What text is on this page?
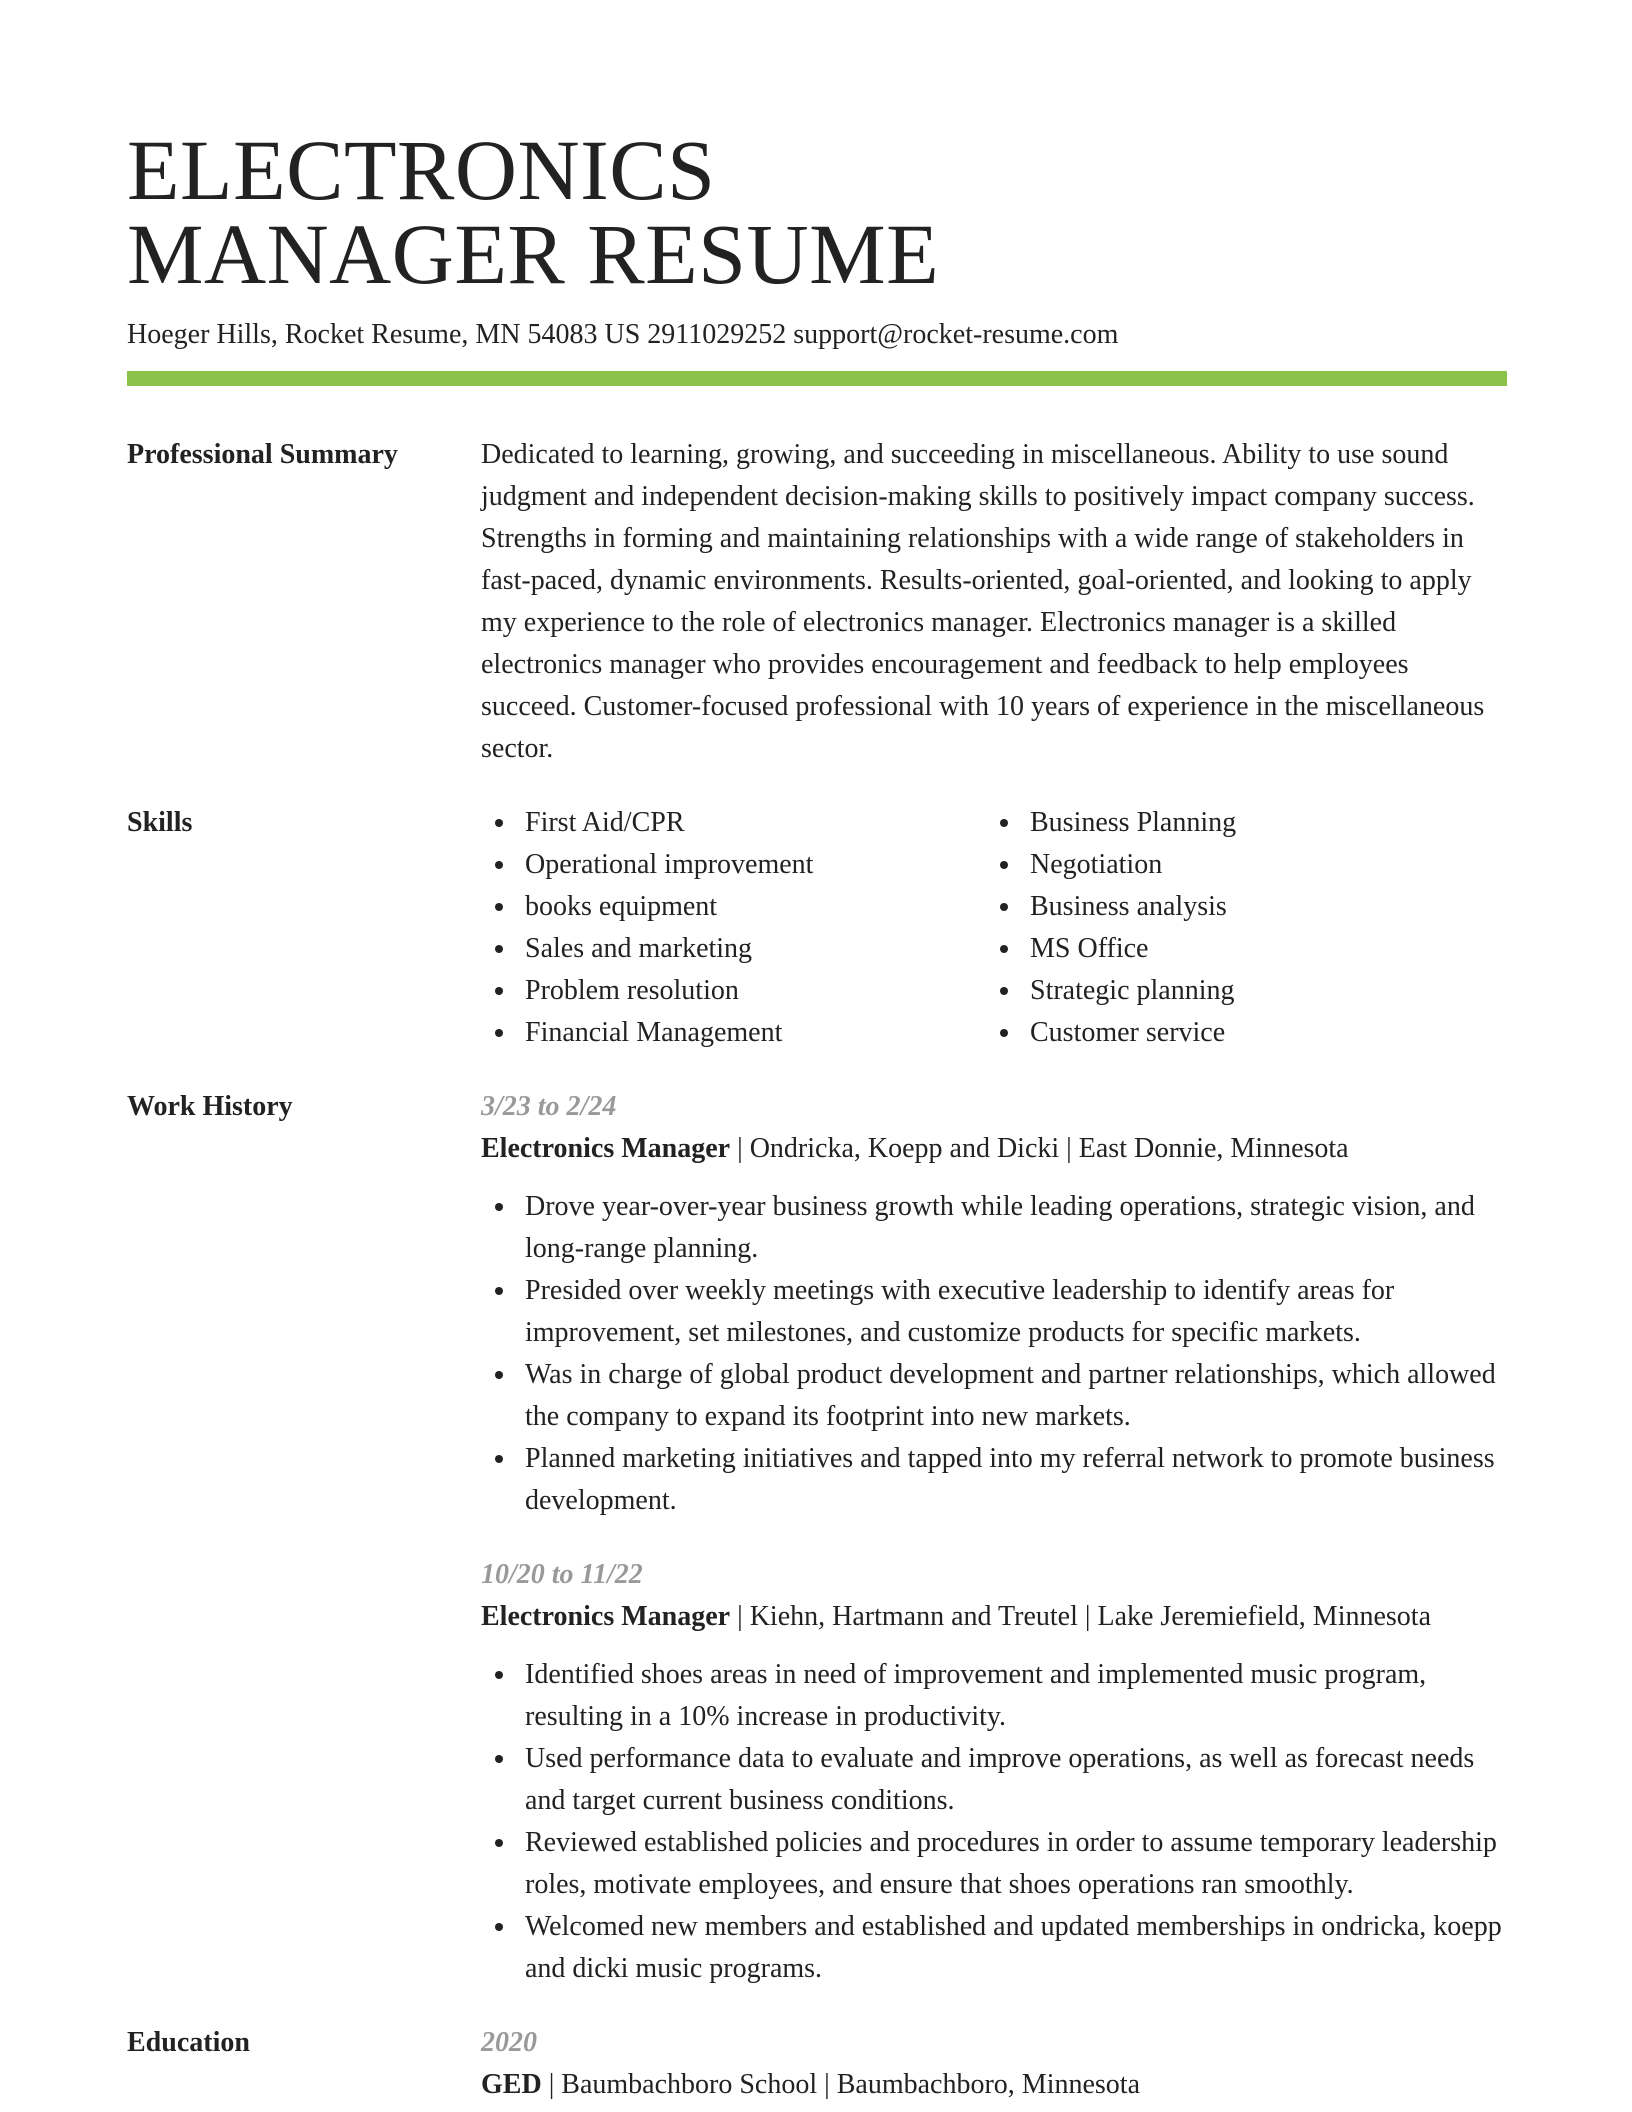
ELECTRONICS
MANAGER RESUME
Hoeger Hills, Rocket Resume, MN 54083 US 2911029252 support@rocket-resume.com
Professional Summary	Dedicated to learning, growing, and succeeding in miscellaneous. Ability to use sound judgment and independent decision-making skills to positively impact company success. Strengths in forming and maintaining relationships with a wide range of stakeholders in fast-paced, dynamic environments. Results-oriented, goal-oriented, and looking to apply my experience to the role of electronics manager. Electronics manager is a skilled electronics manager who provides encouragement and feedback to help employees succeed. Customer-focused professional with 10 years of experience in the miscellaneous sector.

Skills	First Aid/CPR
Operational improvement
books equipment
Sales and marketing
Problem resolution
Financial Management
Business Planning
Negotiation
Business analysis
MS Office
Strategic planning
Customer service
Work History	3/23 to 2/24
Electronics Manager | Ondricka, Koepp and Dicki | East Donnie, Minnesota
Drove year-over-year business growth while leading operations, strategic vision, and long-range planning.
Presided over weekly meetings with executive leadership to identify areas for improvement, set milestones, and customize products for specific markets.
Was in charge of global product development and partner relationships, which allowed the company to expand its footprint into new markets.
Planned marketing initiatives and tapped into my referral network to promote business development.
10/20 to 11/22
Electronics Manager | Kiehn, Hartmann and Treutel | Lake Jeremiefield, Minnesota
Identified shoes areas in need of improvement and implemented music program, resulting in a 10% increase in productivity.
Used performance data to evaluate and improve operations, as well as forecast needs and target current business conditions.
Reviewed established policies and procedures in order to assume temporary leadership roles, motivate employees, and ensure that shoes operations ran smoothly.
Welcomed new members and established and updated memberships in ondricka, koepp and dicki music programs.
Education	2020
GED | Baumbachboro School | Baumbachboro, Minnesota
